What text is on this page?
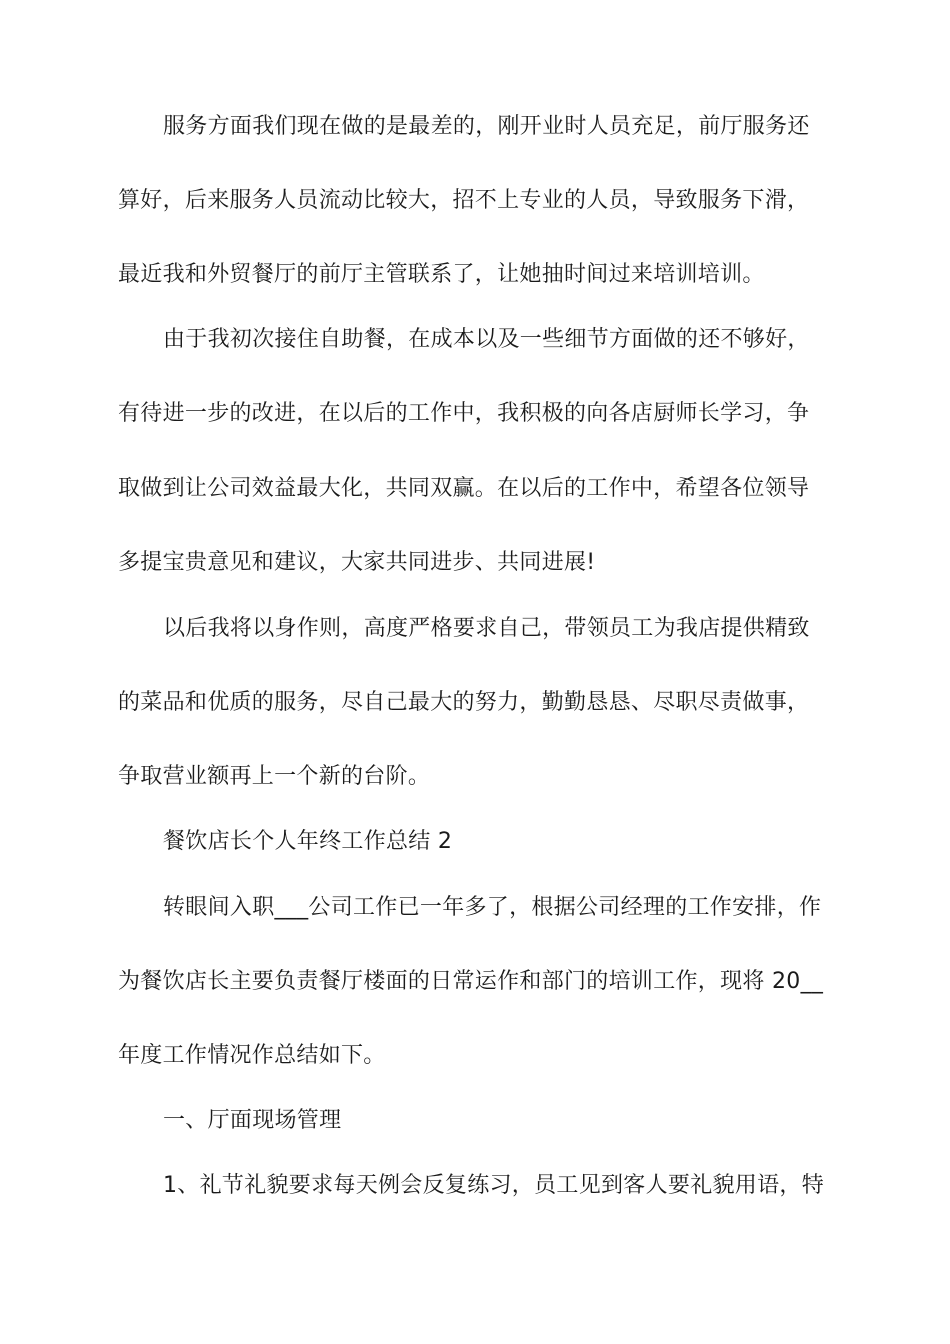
服务方面我们现在做的是最差的，刚开业时人员充足，前厅服务还
算好，后来服务人员流动比较大，招不上专业的人员，导致服务下滑，
最近我和外贸餐厅的前厅主管联系了，让她抽时间过来培训培训。
由于我初次接住自助餐，在成本以及一些细节方面做的还不够好，
有待进一步的改进，在以后的工作中，我积极的向各店厨师长学习，争
取做到让公司效益最大化，共同双赢。在以后的工作中，希望各位领导
多提宝贵意见和建议，大家共同进步、共同进展!
以后我将以身作则，高度严格要求自己，带领员工为我店提供精致
的菜品和优质的服务，尽自己最大的努力，勤勤恳恳、尽职尽责做事，
争取营业额再上一个新的台阶。
餐饮店长个人年终工作总结 2
转眼间入职___公司工作已一年多了，根据公司经理的工作安排，作
为餐饮店长主要负责餐厅楼面的日常运作和部门的培训工作，现将 20__
年度工作情况作总结如下。
一、厅面现场管理
1、礼节礼貌要求每天例会反复练习，员工见到客人要礼貌用语，特
